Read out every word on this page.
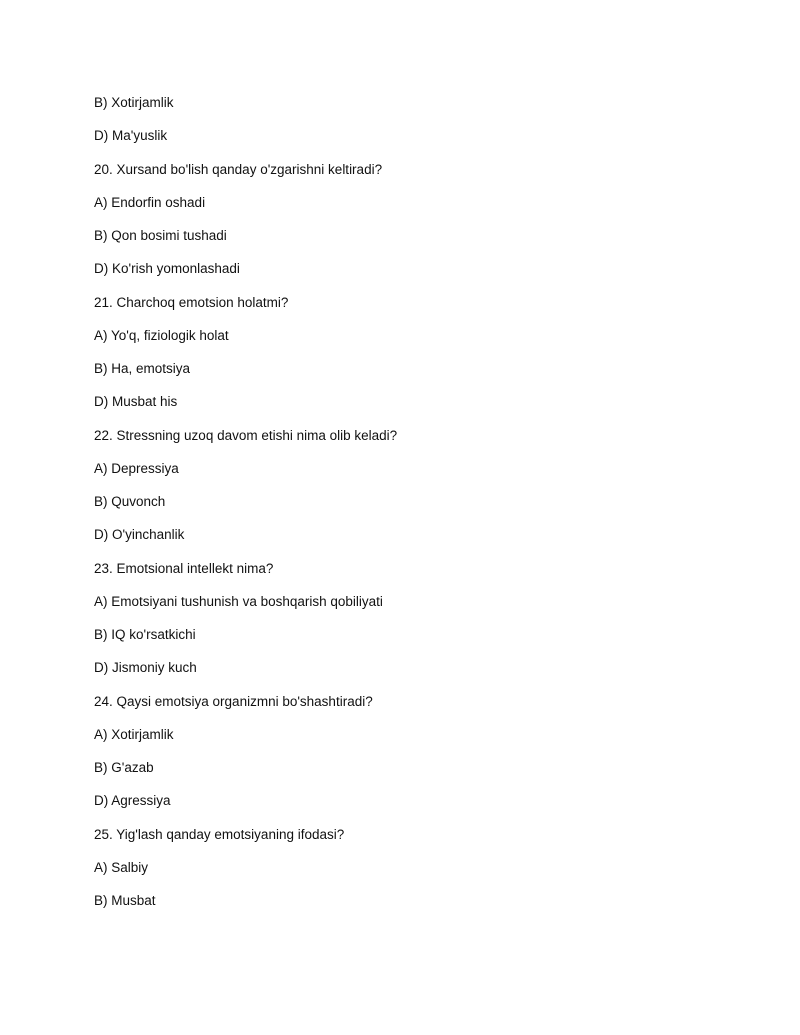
B) Xotirjamlik
D) Ma'yuslik
20. Xursand bo'lish qanday o'zgarishni keltiradi?
A) Endorfin oshadi
B) Qon bosimi tushadi
D) Ko'rish yomonlashadi
21. Charchoq emotsion holatmi?
A) Yo'q, fiziologik holat
B) Ha, emotsiya
D) Musbat his
22. Stressning uzoq davom etishi nima olib keladi?
A) Depressiya
B) Quvonch
D) O'yinchanlik
23. Emotsional intellekt nima?
A) Emotsiyani tushunish va boshqarish qobiliyati
B) IQ ko'rsatkichi
D) Jismoniy kuch
24. Qaysi emotsiya organizmni bo'shashtiradi?
A) Xotirjamlik
B) G'azab
D) Agressiya
25. Yig'lash qanday emotsiyaning ifodasi?
A) Salbiy
B) Musbat
